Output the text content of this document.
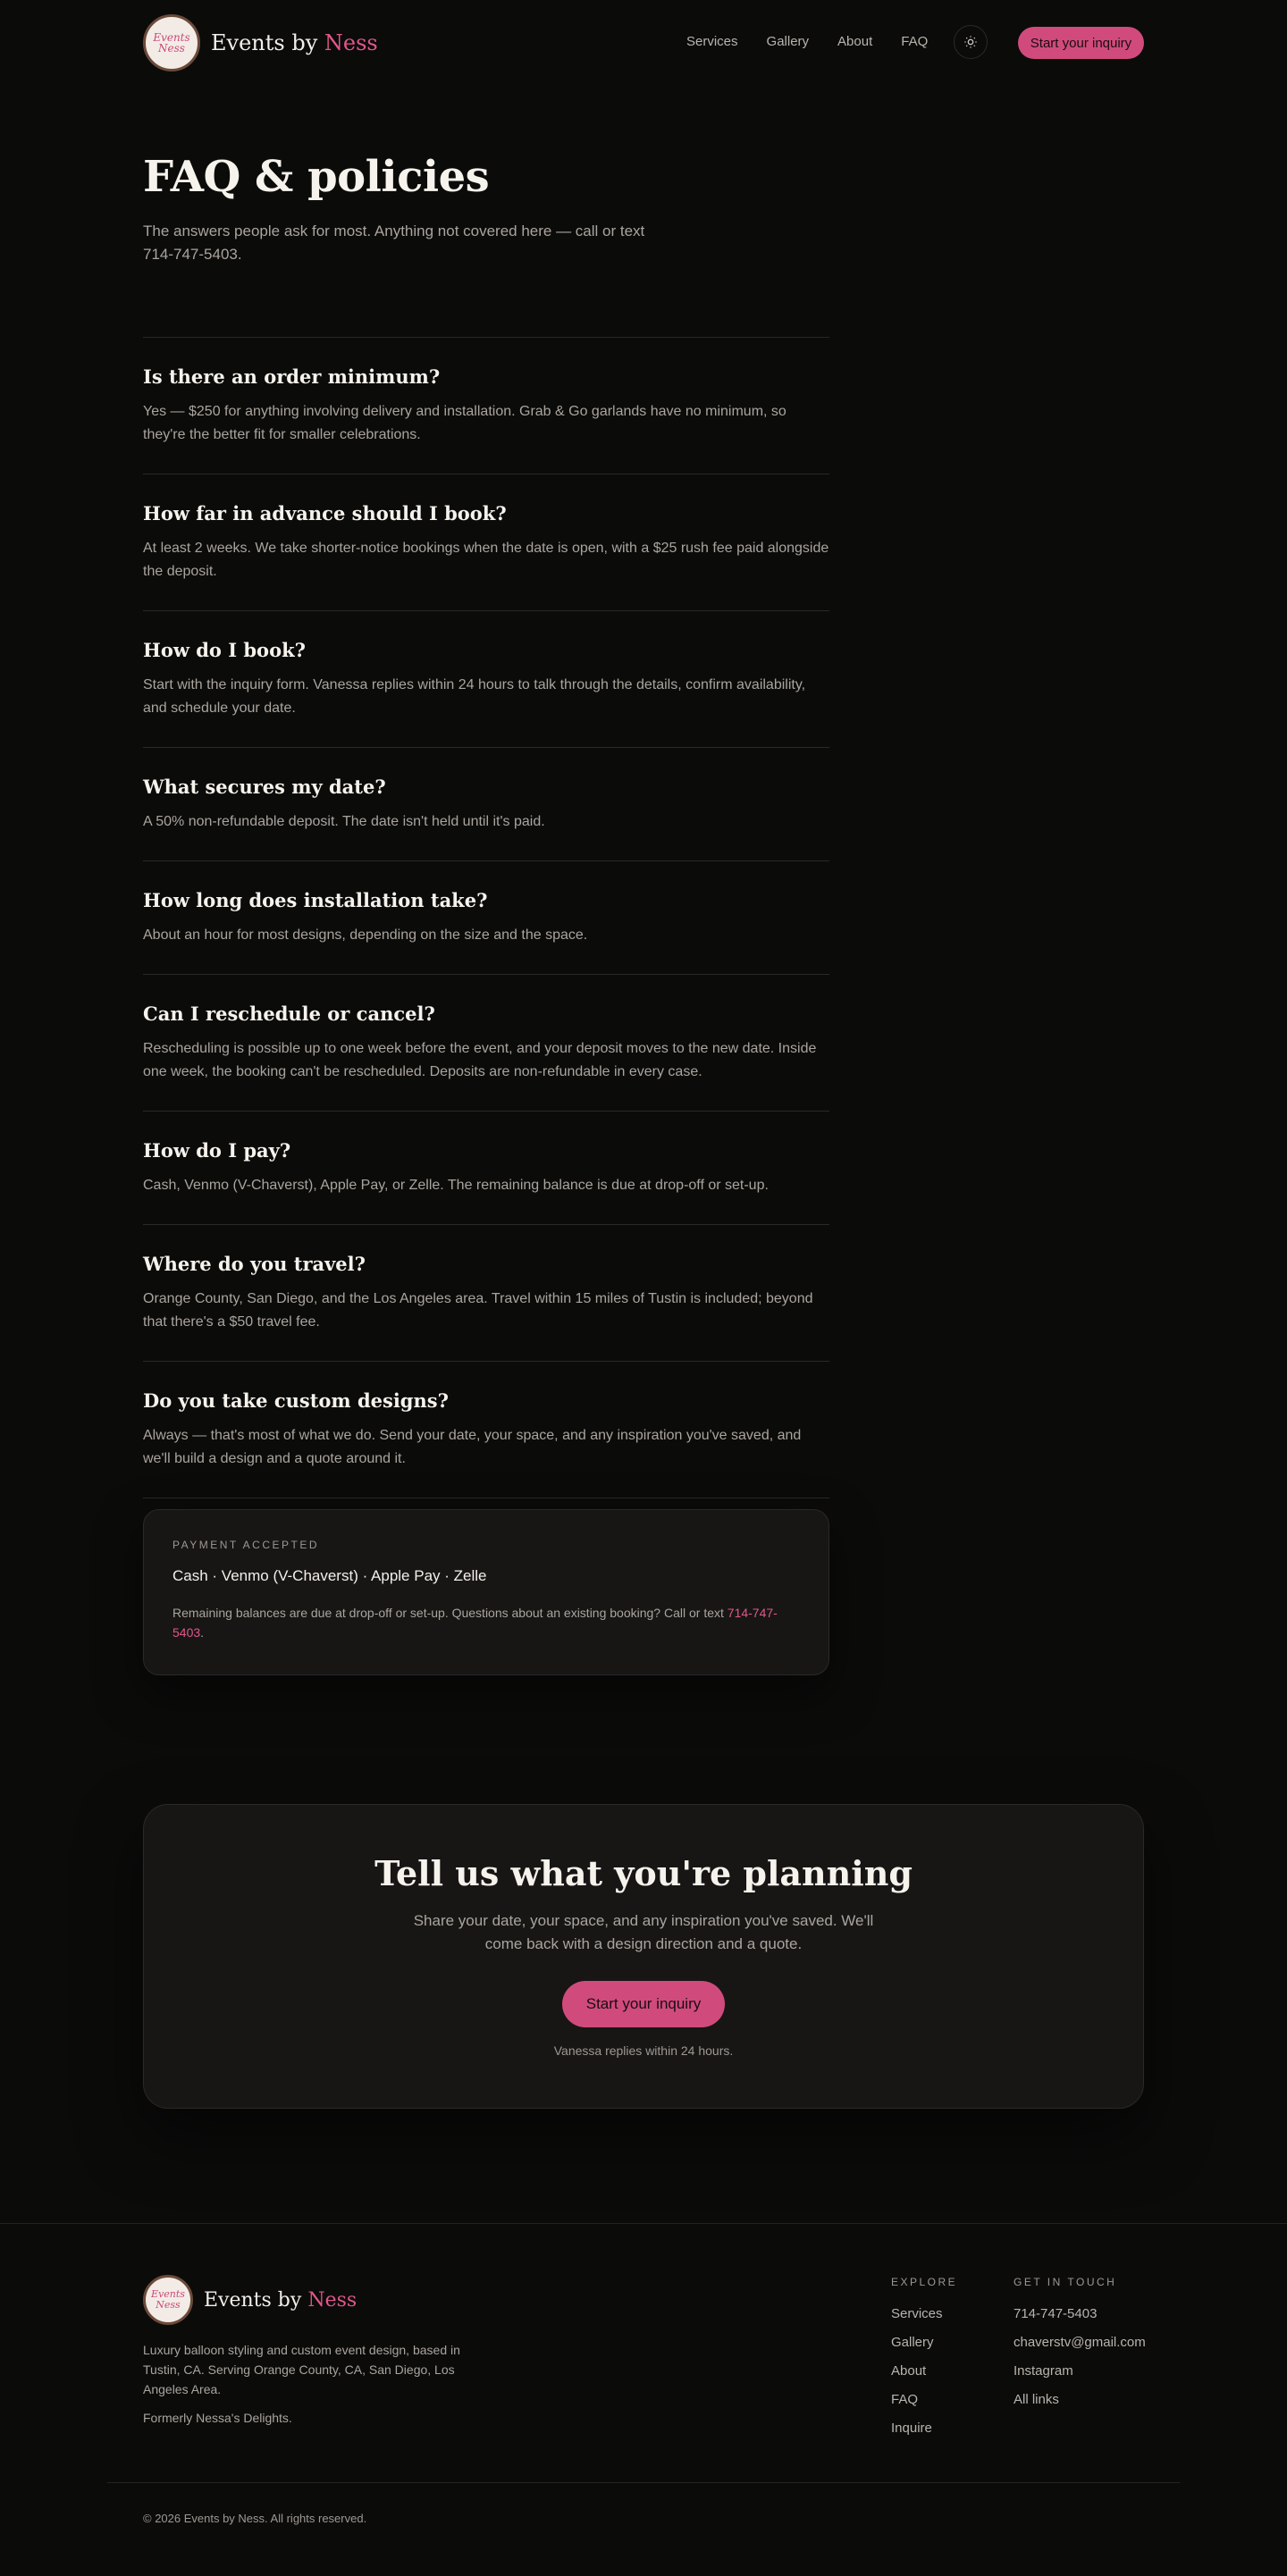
Events
Ness Events by Ness	Services Gallery About FAQ	Start your inquiry
FAQ & policies

The answers people ask for most. Anything not covered here — call or text 714-747-5403.

Is there an order minimum?

Yes — $250 for anything involving delivery and installation. Grab & Go garlands have no minimum, so they're the better fit for smaller celebrations.

How far in advance should I book?

At least 2 weeks. We take shorter-notice bookings when the date is open, with a $25 rush fee paid alongside the deposit.

How do I book?

Start with the inquiry form. Vanessa replies within 24 hours to talk through the details, confirm availability, and schedule your date.

What secures my date?

A 50% non-refundable deposit. The date isn't held until it's paid.

How long does installation take?

About an hour for most designs, depending on the size and the space.

Can I reschedule or cancel?

Rescheduling is possible up to one week before the event, and your deposit moves to the new date. Inside one week, the booking can't be rescheduled. Deposits are non-refundable in every case.

How do I pay?

Cash, Venmo (V-Chaverst), Apple Pay, or Zelle. The remaining balance is due at drop-off or set-up.

Where do you travel?

Orange County, San Diego, and the Los Angeles area. Travel within 15 miles of Tustin is included; beyond that there's a $50 travel fee.

Do you take custom designs?

Always — that's most of what we do. Send your date, your space, and any inspiration you've saved, and we'll build a design and a quote around it.

PAYMENT ACCEPTED
Cash · Venmo (V-Chaverst) · Apple Pay · Zelle

Remaining balances are due at drop-off or set-up. Questions about an existing booking? Call or text 714-747-5403.

Tell us what you're planning

Share your date, your space, and any inspiration you've saved. We'll come back with a design direction and a quote.

Start your inquiry

Vanessa replies within 24 hours.

Events
Ness Events by Ness

Luxury balloon styling and custom event design, based in Tustin, CA. Serving Orange County, CA, San Diego, Los Angeles Area.

Formerly Nessa's Delights.

EXPLORE
Services
Gallery
About
FAQ
Inquire
GET IN TOUCH
714-747-5403
chaverstv@gmail.com
Instagram
All links

© 2026 Events by Ness. All rights reserved.
